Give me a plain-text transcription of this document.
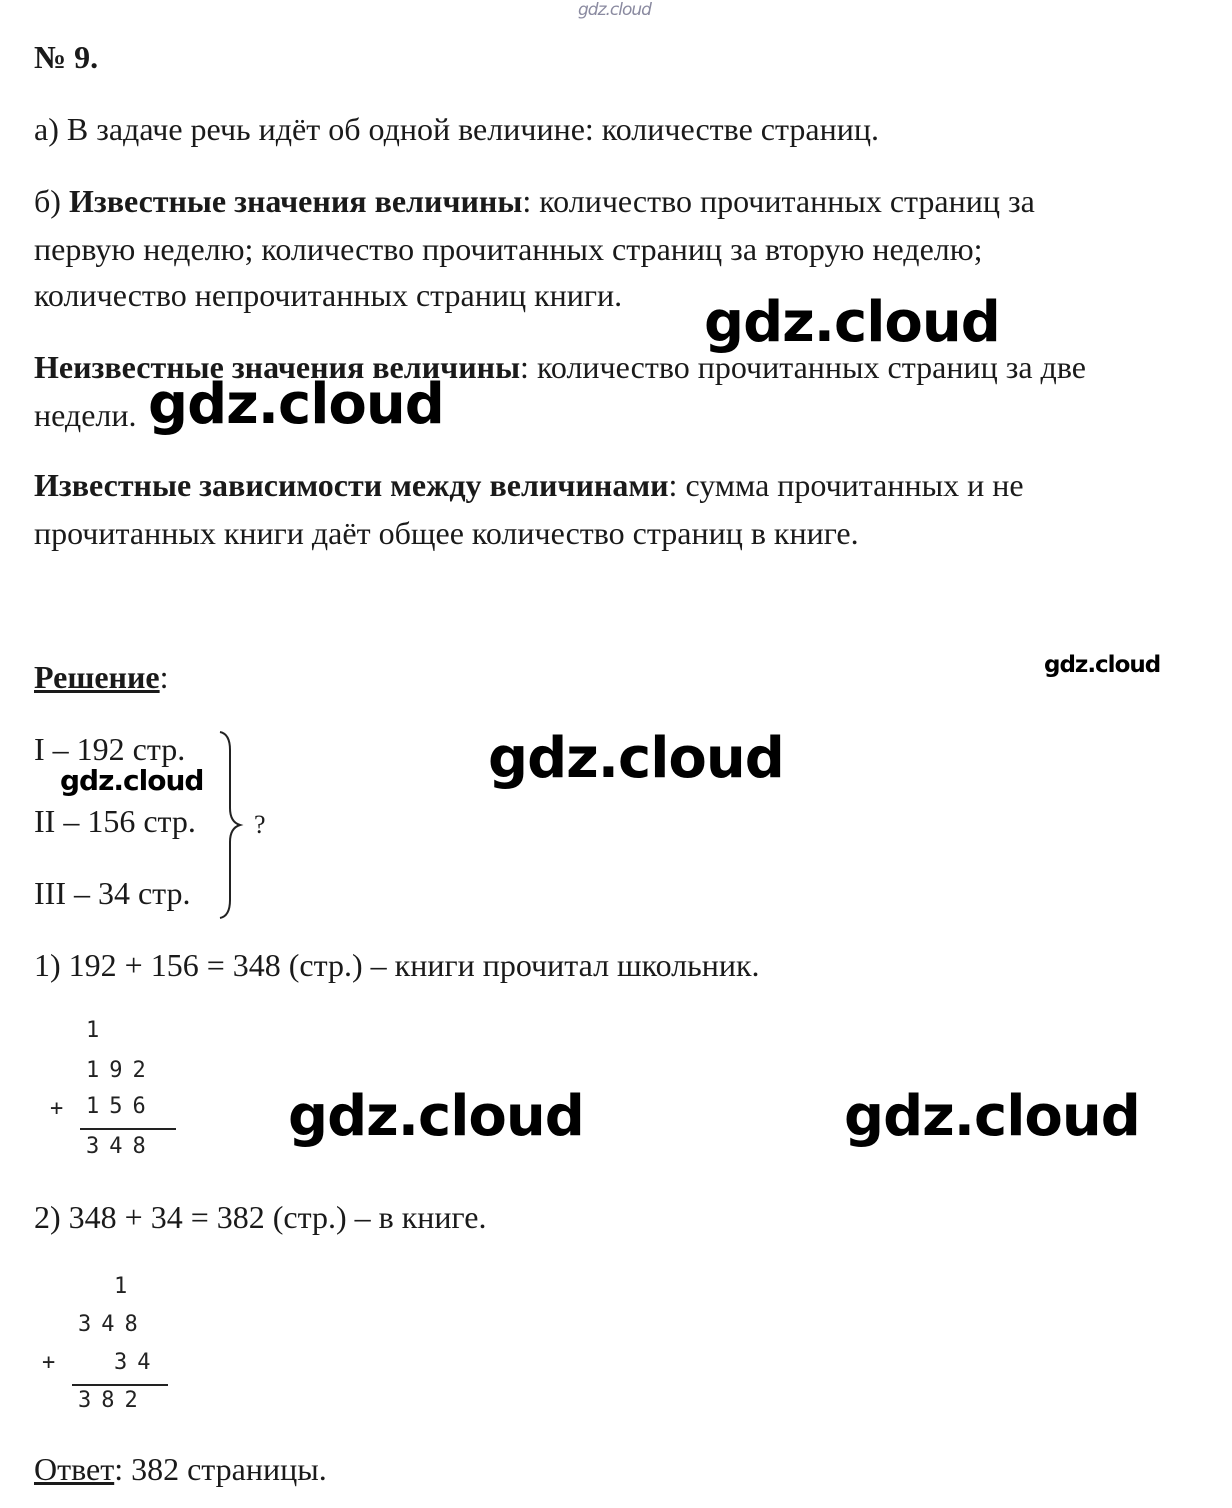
gdz.cloud
gdz.cloud
gdz.cloud
gdz.cloud
gdz.cloud
gdz.cloud
gdz.cloud	gdz.cloud
№ 9.
а) В задаче речь идёт об одной величине: количестве страниц.
б) Известные значения величины: количество прочитанных страниц за
первую неделю; количество прочитанных страниц за вторую неделю;
количество непрочитанных страниц книги.
Неизвестные значения величины: количество прочитанных страниц за две
недели.
Известные зависимости между величинами: сумма прочитанных и не
прочитанных книги даёт общее количество страниц в книге.
Решение:
I – 192 стр.
II – 156 стр.
III – 34 стр.
?
1) 192 + 156 = 348 (стр.) – книги прочитал школьник.
1
192
+ 156
348
2) 348 + 34 = 382 (стр.) – в книге.
1
348
+ 34
382
Ответ: 382 страницы.
